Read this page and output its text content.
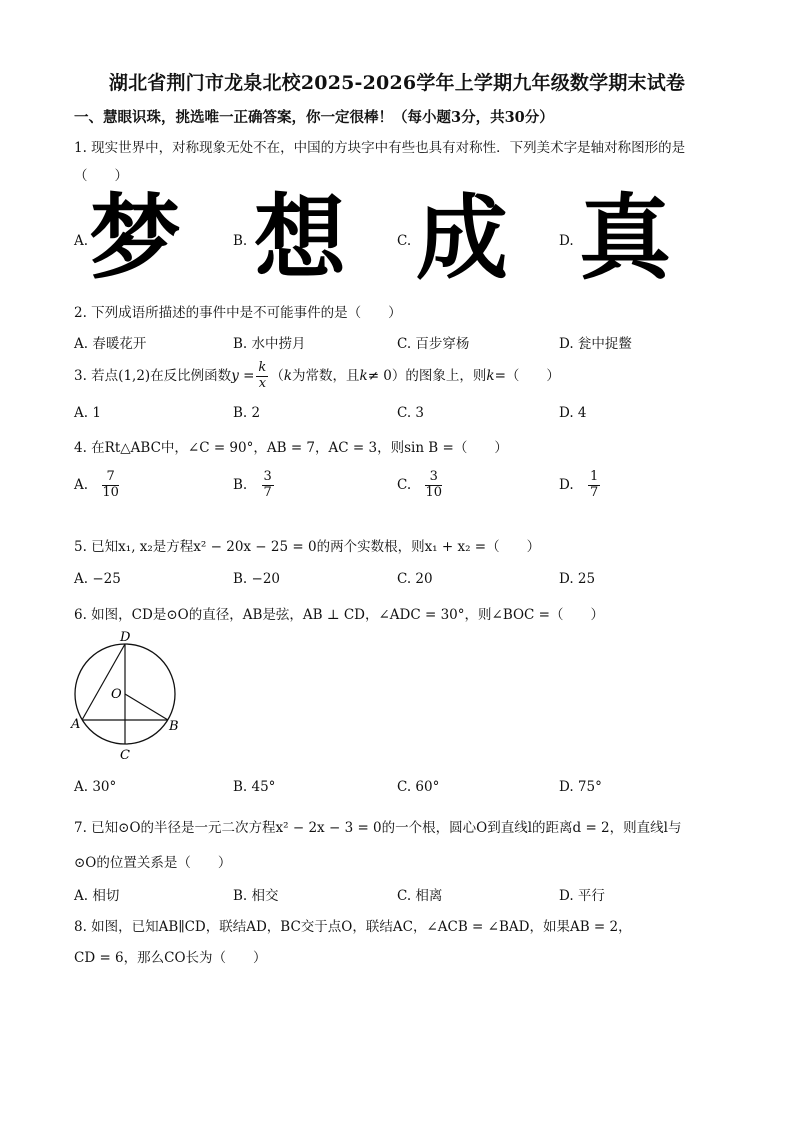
湖北省荆门市龙泉北校2025-2026学年上学期九年级数学期末试卷
一、慧眼识珠，挑选唯一正确答案，你一定很棒！（每小题3分，共30分）
1. 现实世界中，对称现象无处不在，中国的方块字中有些也具有对称性．下列美术字是轴对称图形的是
（　　）
A. 梦	B. 想	C. 成	D. 真
2. 下列成语所描述的事件中是不可能事件的是（　　）
A. 春暖花开	B. 水中捞月	C. 百步穿杨	D. 瓮中捉鳖
3. 若点(1,2)在反比例函数$y = \frac{k}{x} (k$为常数，且k≠ 0）的图象上，则k=（　　）
A. 1	B. 2	C. 3	D. 4
4. 在Rt△ABC中，∠C = 90°，AB = 7，AC = 3，则sin B =（　　）
A. $\frac{7}{10}$	B. $\frac{3}{7}$	C. $\frac{3}{10}$	D. $\frac{1}{7}$
5. 已知x₁, x₂是方程x² − 20x − 25 = 0的两个实数根，则x₁ + x₂ =（　　）
A. −25	B. −20	C. 20	D. 25
6. 如图，CD是⊙O的直径，AB是弦，AB ⊥ CD，∠ADC = 30°，则∠BOC =（　　）
D
O
A	B
C
A. 30°	B. 45°	C. 60°	D. 75°
7. 已知⊙O的半径是一元二次方程x² − 2x − 3 = 0的一个根，圆心O到直线l的距离d = 2，则直线l与
⊙O的位置关系是（　　）
A. 相切	B. 相交	C. 相离	D. 平行
8. 如图，已知AB∥CD，联结AD，BC交于点O，联结AC，∠ACB = ∠BAD，如果AB = 2，
CD = 6，那么CO长为（　　）
